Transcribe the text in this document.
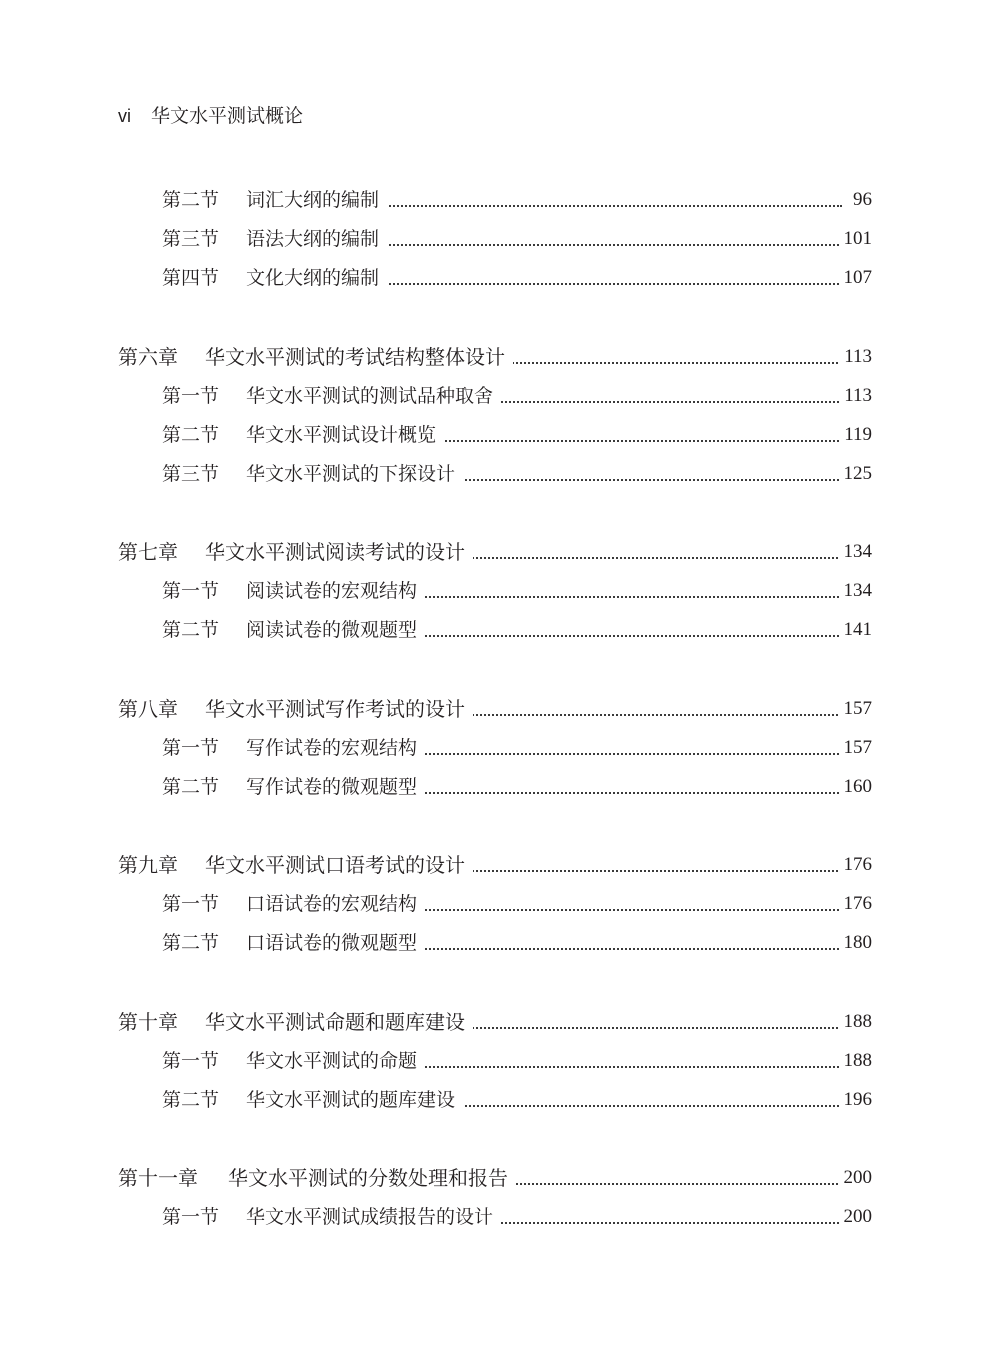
vi 华文水平测试概论
第二节 词汇大纲的编制	96
第三节 语法大纲的编制	101
第四节 文化大纲的编制	107
第六章 华文水平测试的考试结构整体设计	113
第一节 华文水平测试的测试品种取舍	113
第二节 华文水平测试设计概览	119
第三节 华文水平测试的下探设计	125
第七章 华文水平测试阅读考试的设计	134
第一节 阅读试卷的宏观结构	134
第二节 阅读试卷的微观题型	141
第八章 华文水平测试写作考试的设计	157
第一节 写作试卷的宏观结构	157
第二节 写作试卷的微观题型	160
第九章 华文水平测试口语考试的设计	176
第一节 口语试卷的宏观结构	176
第二节 口语试卷的微观题型	180
第十章 华文水平测试命题和题库建设	188
第一节 华文水平测试的命题	188
第二节 华文水平测试的题库建设	196
第十一章 华文水平测试的分数处理和报告	200
第一节 华文水平测试成绩报告的设计	200
